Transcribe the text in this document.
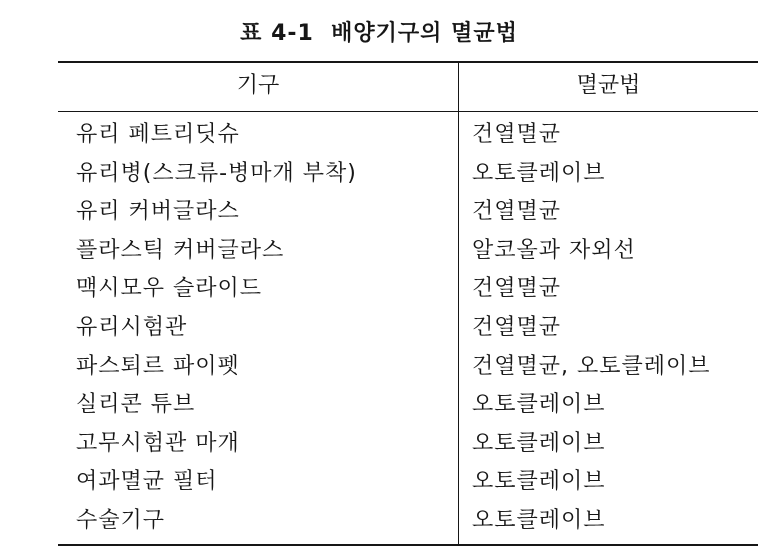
표 4-1  배양기구의 멸균법
기구	멸균법
유리 페트리딧슈	건열멸균
유리병(스크류-병마개 부착)	오토클레이브
유리 커버글라스	건열멸균
플라스틱 커버글라스	알코올과 자외선
맥시모우 슬라이드	건열멸균
유리시험관	건열멸균
파스퇴르 파이펫	건열멸균, 오토클레이브
실리콘 튜브	오토클레이브
고무시험관 마개	오토클레이브
여과멸균 필터	오토클레이브
수술기구	오토클레이브
